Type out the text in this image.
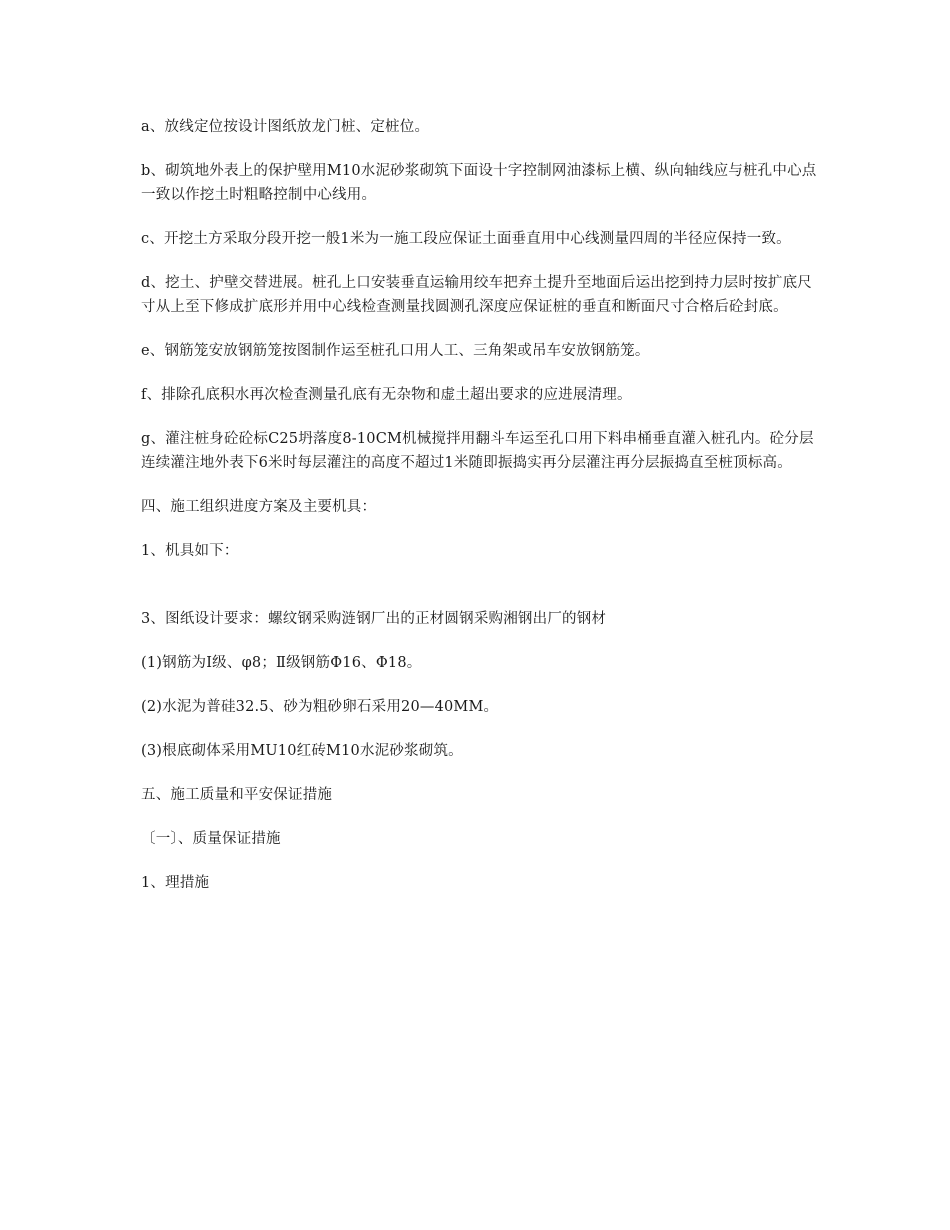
a、放线定位按设计图纸放龙门桩、定桩位。

b、砌筑地外表上的保护壁用M10水泥砂浆砌筑下面设十字控制网油漆标上横、纵向轴线应与桩孔中心点一致以作挖土时粗略控制中心线用。

c、开挖土方采取分段开挖一般1米为一施工段应保证土面垂直用中心线测量四周的半径应保持一致。

d、挖土、护壁交替进展。桩孔上口安装垂直运输用绞车把弃土提升至地面后运出挖到持力层时按扩底尺寸从上至下修成扩底形并用中心线检查测量找圆测孔深度应保证桩的垂直和断面尺寸合格后砼封底。

e、钢筋笼安放钢筋笼按图制作运至桩孔口用人工、三角架或吊车安放钢筋笼。

f、排除孔底积水再次检查测量孔底有无杂物和虚土超出要求的应进展清理。

g、灌注桩身砼砼标C25坍落度8-10CM机械搅拌用翻斗车运至孔口用下料串桶垂直灌入桩孔内。砼分层连续灌注地外表下6米时每层灌注的高度不超过1米随即振捣实再分层灌注再分层振捣直至桩顶标高。

四、施工组织进度方案及主要机具：

1、机具如下：

3、图纸设计要求：螺纹钢采购涟钢厂出的正材圆钢采购湘钢出厂的钢材

(1)钢筋为Ⅰ级、φ8；Ⅱ级钢筋Φ16、Φ18。

(2)水泥为普硅32.5、砂为粗砂卵石采用20—40MM。

(3)根底砌体采用MU10红砖M10水泥砂浆砌筑。

五、施工质量和平安保证措施

〔一〕、质量保证措施

1、理措施
